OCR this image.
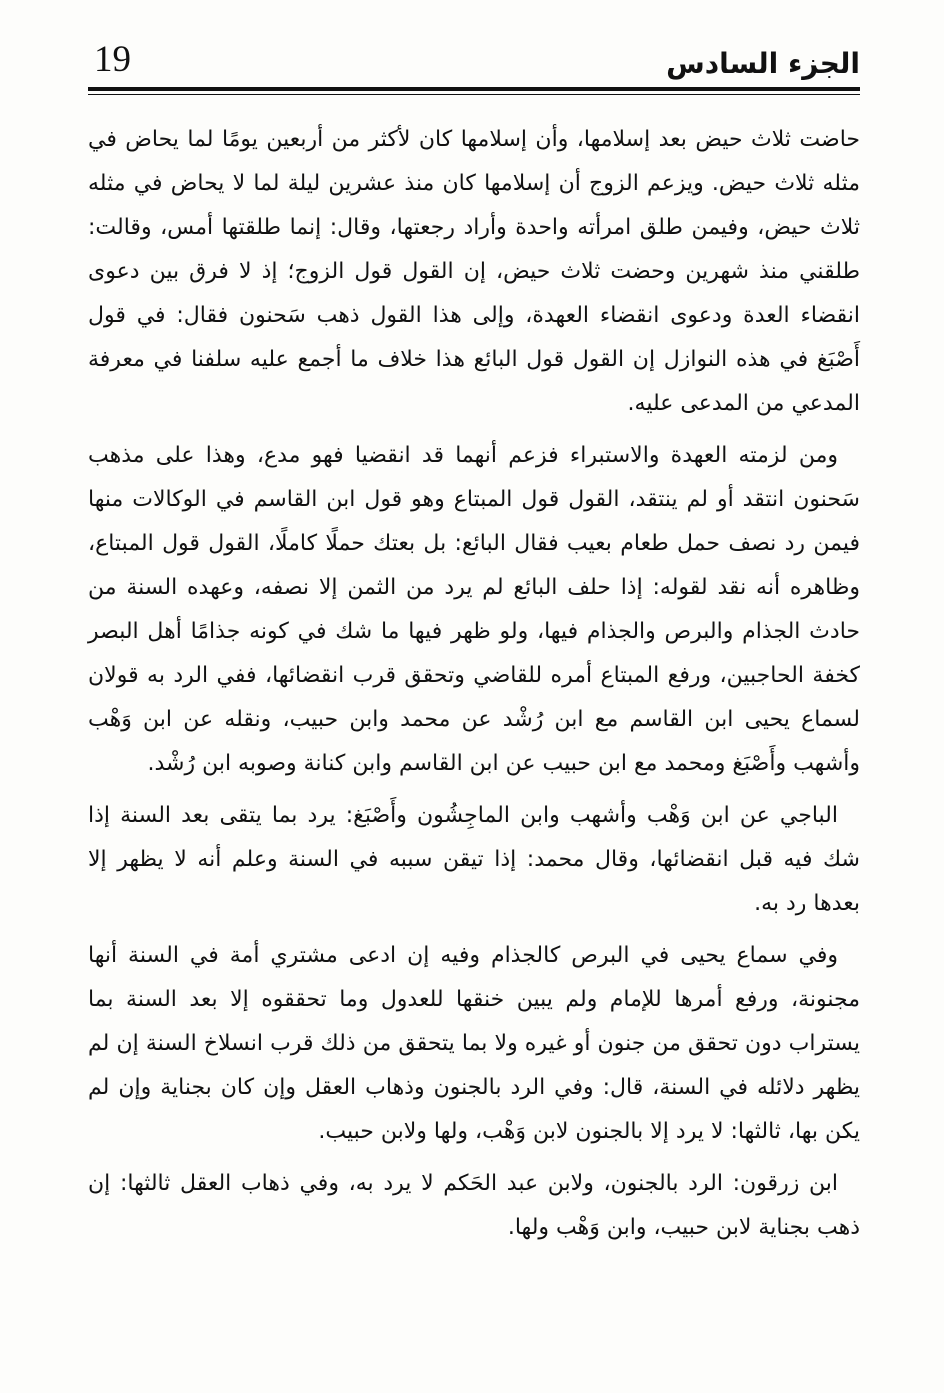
19	الجزء السادس

حاضت ثلاث حيض بعد إسلامها، وأن إسلامها كان لأكثر من أربعين يومًا لما يحاض في مثله ثلاث حيض. ويزعم الزوج أن إسلامها كان منذ عشرين ليلة لما لا يحاض في مثله ثلاث حيض، وفيمن طلق امرأته واحدة وأراد رجعتها، وقال: إنما طلقتها أمس، وقالت: طلقني منذ شهرين وحضت ثلاث حيض، إن القول قول الزوج؛ إذ لا فرق بين دعوى انقضاء العدة ودعوى انقضاء العهدة، وإلى هذا القول ذهب سَحنون فقال: في قول أَصْبَغ في هذه النوازل إن القول قول البائع هذا خلاف ما أجمع عليه سلفنا في معرفة المدعي من المدعى عليه.

ومن لزمته العهدة والاستبراء فزعم أنهما قد انقضيا فهو مدع، وهذا على مذهب سَحنون انتقد أو لم ينتقد، القول قول المبتاع وهو قول ابن القاسم في الوكالات منها فيمن رد نصف حمل طعام بعيب فقال البائع: بل بعتك حملًا كاملًا، القول قول المبتاع، وظاهره أنه نقد لقوله: إذا حلف البائع لم يرد من الثمن إلا نصفه، وعهده السنة من حادث الجذام والبرص والجذام فيها، ولو ظهر فيها ما شك في كونه جذامًا أهل البصر كخفة الحاجبين، ورفع المبتاع أمره للقاضي وتحقق قرب انقضائها، ففي الرد به قولان لسماع يحيى ابن القاسم مع ابن رُشْد عن محمد وابن حبيب، ونقله عن ابن وَهْب وأشهب وأَصْبَغ ومحمد مع ابن حبيب عن ابن القاسم وابن كنانة وصوبه ابن رُشْد.

الباجي عن ابن وَهْب وأشهب وابن الماجِشُون وأَصْبَغ: يرد بما يتقى بعد السنة إذا شك فيه قبل انقضائها، وقال محمد: إذا تيقن سببه في السنة وعلم أنه لا يظهر إلا بعدها رد به.

وفي سماع يحيى في البرص كالجذام وفيه إن ادعى مشتري أمة في السنة أنها مجنونة، ورفع أمرها للإمام ولم يبين خنقها للعدول وما تحققوه إلا بعد السنة بما يستراب دون تحقق من جنون أو غيره ولا بما يتحقق من ذلك قرب انسلاخ السنة إن لم يظهر دلائله في السنة، قال: وفي الرد بالجنون وذهاب العقل وإن كان بجناية وإن لم يكن بها، ثالثها: لا يرد إلا بالجنون لابن وَهْب، ولها ولابن حبيب.

ابن زرقون: الرد بالجنون، ولابن عبد الحَكم لا يرد به، وفي ذهاب العقل ثالثها: إن ذهب بجناية لابن حبيب، وابن وَهْب ولها.
